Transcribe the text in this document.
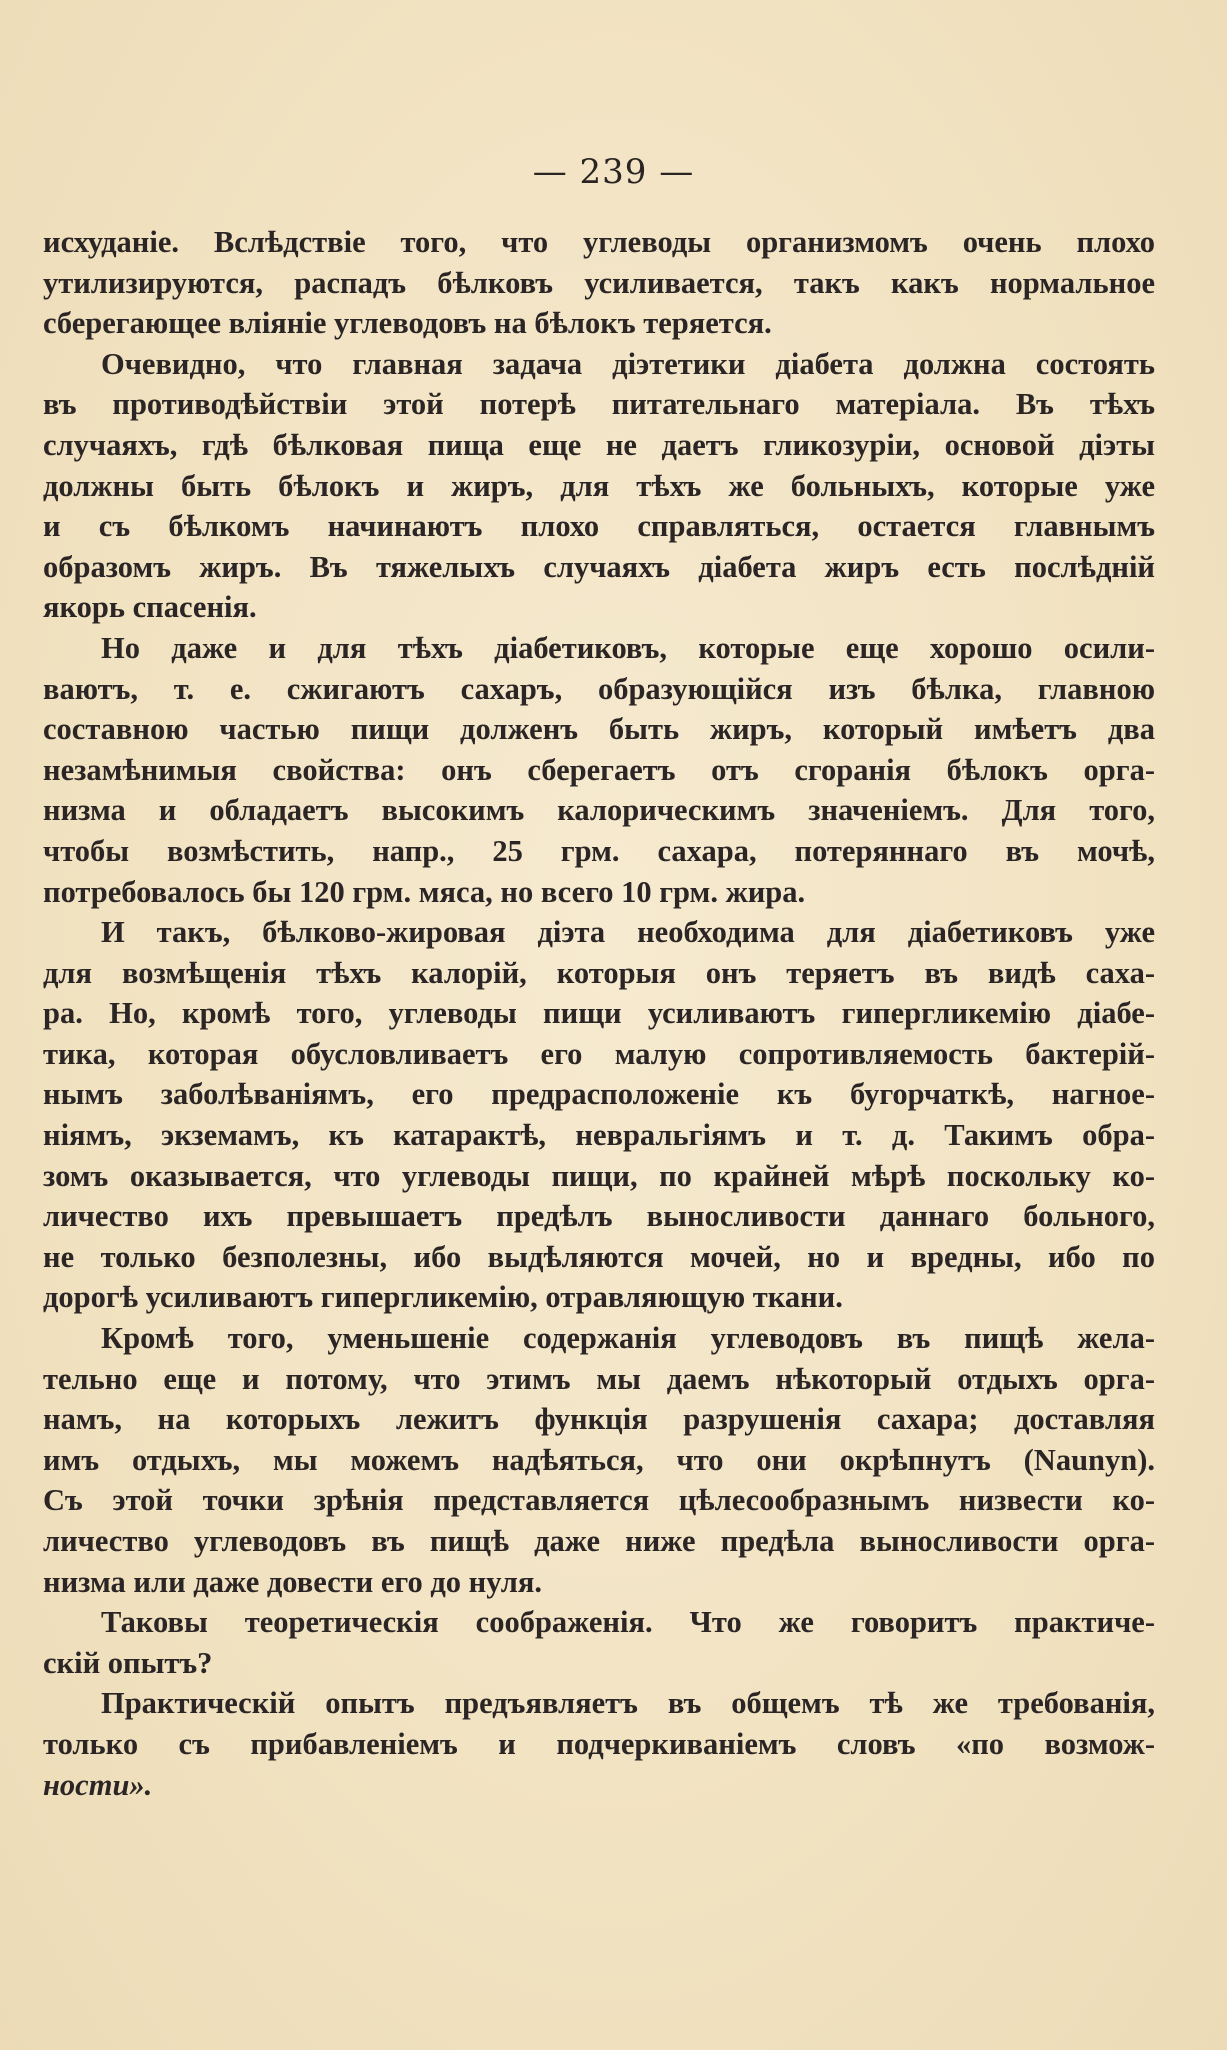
— 239 —
исхуданіе. Вслѣдствіе того, что углеводы организмомъ очень плохо
утилизируются, распадъ бѣлковъ усиливается, такъ какъ нормальное
сберегающее вліяніе углеводовъ на бѣлокъ теряется.
Очевидно, что главная задача діэтетики діабета должна состоять
въ противодѣйствіи этой потерѣ питательнаго матеріала. Въ тѣхъ
случаяхъ, гдѣ бѣлковая пища еще не даетъ гликозуріи, основой діэты
должны быть бѣлокъ и жиръ, для тѣхъ же больныхъ, которые уже
и съ бѣлкомъ начинаютъ плохо справляться, остается главнымъ
образомъ жиръ. Въ тяжелыхъ случаяхъ діабета жиръ есть послѣдній
якорь спасенія.
Но даже и для тѣхъ діабетиковъ, которые еще хорошо осили-
ваютъ, т. е. сжигаютъ сахаръ, образующійся изъ бѣлка, главною
составною частью пищи долженъ быть жиръ, который имѣетъ два
незамѣнимыя свойства: онъ сберегаетъ отъ сгоранія бѣлокъ орга-
низма и обладаетъ высокимъ калорическимъ значеніемъ. Для того,
чтобы возмѣстить, напр., 25 грм. сахара, потеряннаго въ мочѣ,
потребовалось бы 120 грм. мяса, но всего 10 грм. жира.
И такъ, бѣлково-жировая діэта необходима для діабетиковъ уже
для возмѣщенія тѣхъ калорій, которыя онъ теряетъ въ видѣ саха-
ра. Но, кромѣ того, углеводы пищи усиливаютъ гипергликемію діабе-
тика, которая обусловливаетъ его малую сопротивляемость бактерій-
нымъ заболѣваніямъ, его предрасположеніе къ бугорчаткѣ, нагное-
ніямъ, экземамъ, къ катарактѣ, невральгіямъ и т. д. Такимъ обра-
зомъ оказывается, что углеводы пищи, по крайней мѣрѣ поскольку ко-
личество ихъ превышаетъ предѣлъ выносливости даннаго больного,
не только безполезны, ибо выдѣляются мочей, но и вредны, ибо по
дорогѣ усиливаютъ гипергликемію, отравляющую ткани.
Кромѣ того, уменьшеніе содержанія углеводовъ въ пищѣ жела-
тельно еще и потому, что этимъ мы даемъ нѣкоторый отдыхъ орга-
намъ, на которыхъ лежитъ функція разрушенія сахара; доставляя
имъ отдыхъ, мы можемъ надѣяться, что они окрѣпнутъ (Naunyn).
Съ этой точки зрѣнія представляется цѣлесообразнымъ низвести ко-
личество углеводовъ въ пищѣ даже ниже предѣла выносливости орга-
низма или даже довести его до нуля.
Таковы теоретическія соображенія. Что же говоритъ практиче-
скій опытъ?
Практическій опытъ предъявляетъ въ общемъ тѣ же требованія,
только съ прибавленіемъ и подчеркиваніемъ словъ «по возмож-
ности».
